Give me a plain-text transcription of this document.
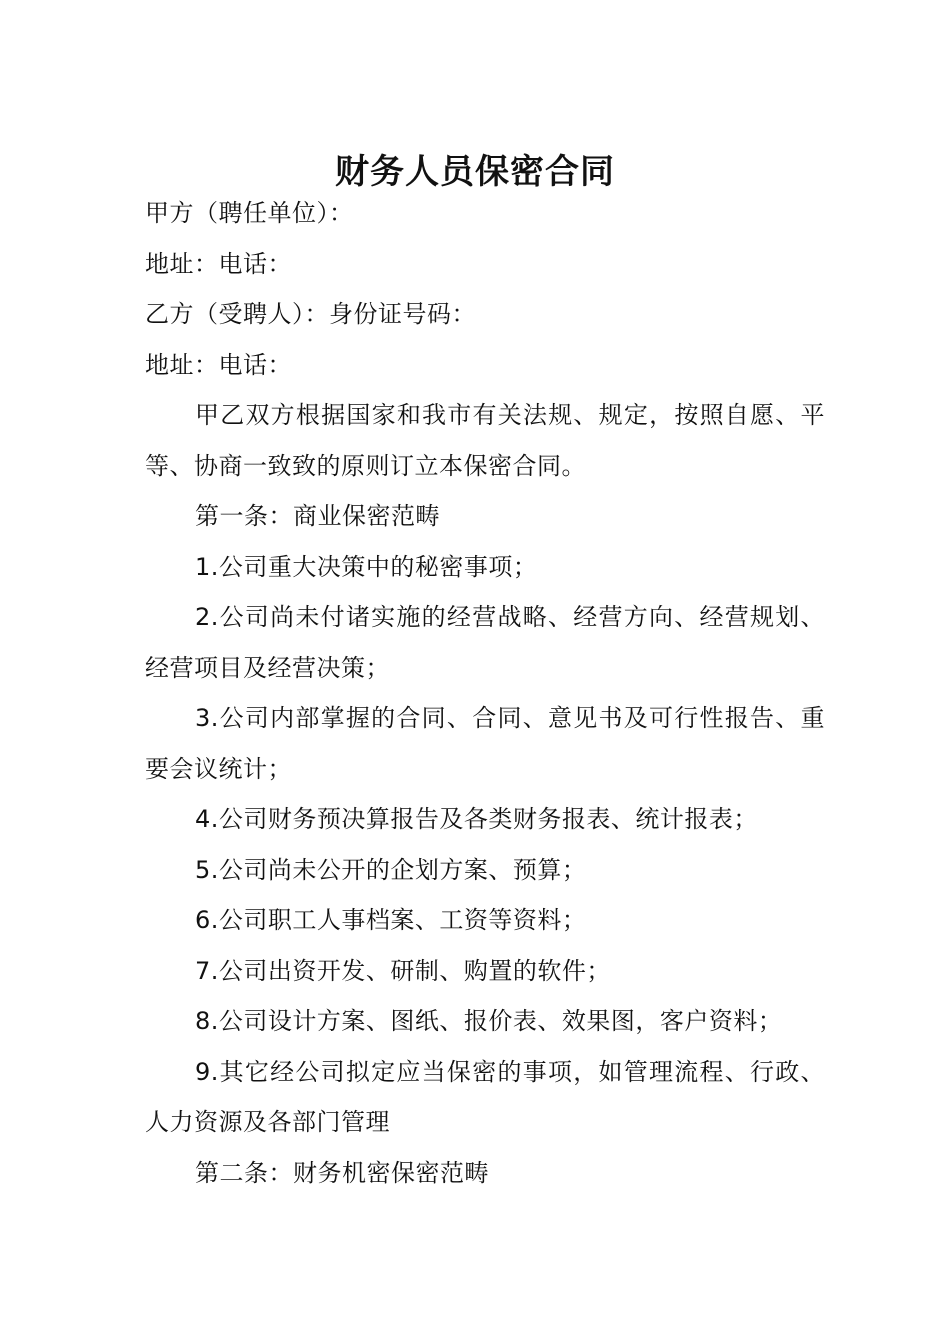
财务人员保密合同

甲方（聘任单位）：

地址：电话：

乙方（受聘人）：身份证号码：

地址：电话：

甲乙双方根据国家和我市有关法规、规定，按照自愿、平等、协商一致致的原则订立本保密合同。

第一条：商业保密范畴

1.公司重大决策中的秘密事项；

2.公司尚未付诸实施的经营战略、经营方向、经营规划、经营项目及经营决策；

3.公司内部掌握的合同、合同、意见书及可行性报告、重要会议统计；

4.公司财务预决算报告及各类财务报表、统计报表；

5.公司尚未公开的企划方案、预算；

6.公司职工人事档案、工资等资料；

7.公司出资开发、研制、购置的软件；

8.公司设计方案、图纸、报价表、效果图，客户资料；

9.其它经公司拟定应当保密的事项，如管理流程、行政、人力资源及各部门管理

第二条：财务机密保密范畴
